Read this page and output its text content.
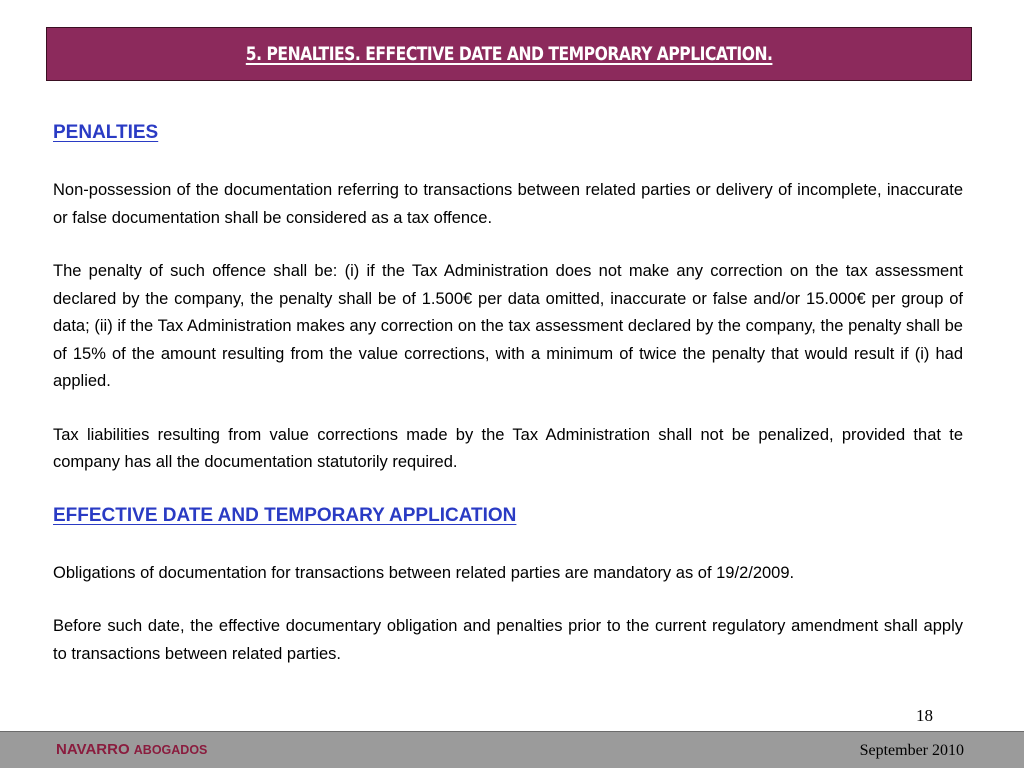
5. PENALTIES. EFFECTIVE DATE AND TEMPORARY APPLICATION.

PENALTIES

Non-possession of the documentation referring to transactions between related parties or delivery of incomplete, inaccurate or false documentation shall be considered as a tax offence.

The penalty of such offence shall be: (i) if the Tax Administration does not make any correction on the tax assessment declared by the company, the penalty shall be of 1.500€ per data omitted, inaccurate or false and/or 15.000€ per group of data; (ii) if the Tax Administration makes any correction on the tax assessment declared by the company, the penalty shall be of 15% of the amount resulting from the value corrections, with a minimum of twice the penalty that would result if (i) had applied.

Tax liabilities resulting from value corrections made by the Tax Administration shall not be penalized, provided that te company has all the documentation statutorily required.

EFFECTIVE DATE AND TEMPORARY APPLICATION

Obligations of documentation for transactions between related parties are mandatory as of 19/2/2009.

Before such date, the effective documentary obligation and penalties prior to the current regulatory amendment shall apply to transactions between related parties.

18
NAVARRO ABOGADOS	September 2010
